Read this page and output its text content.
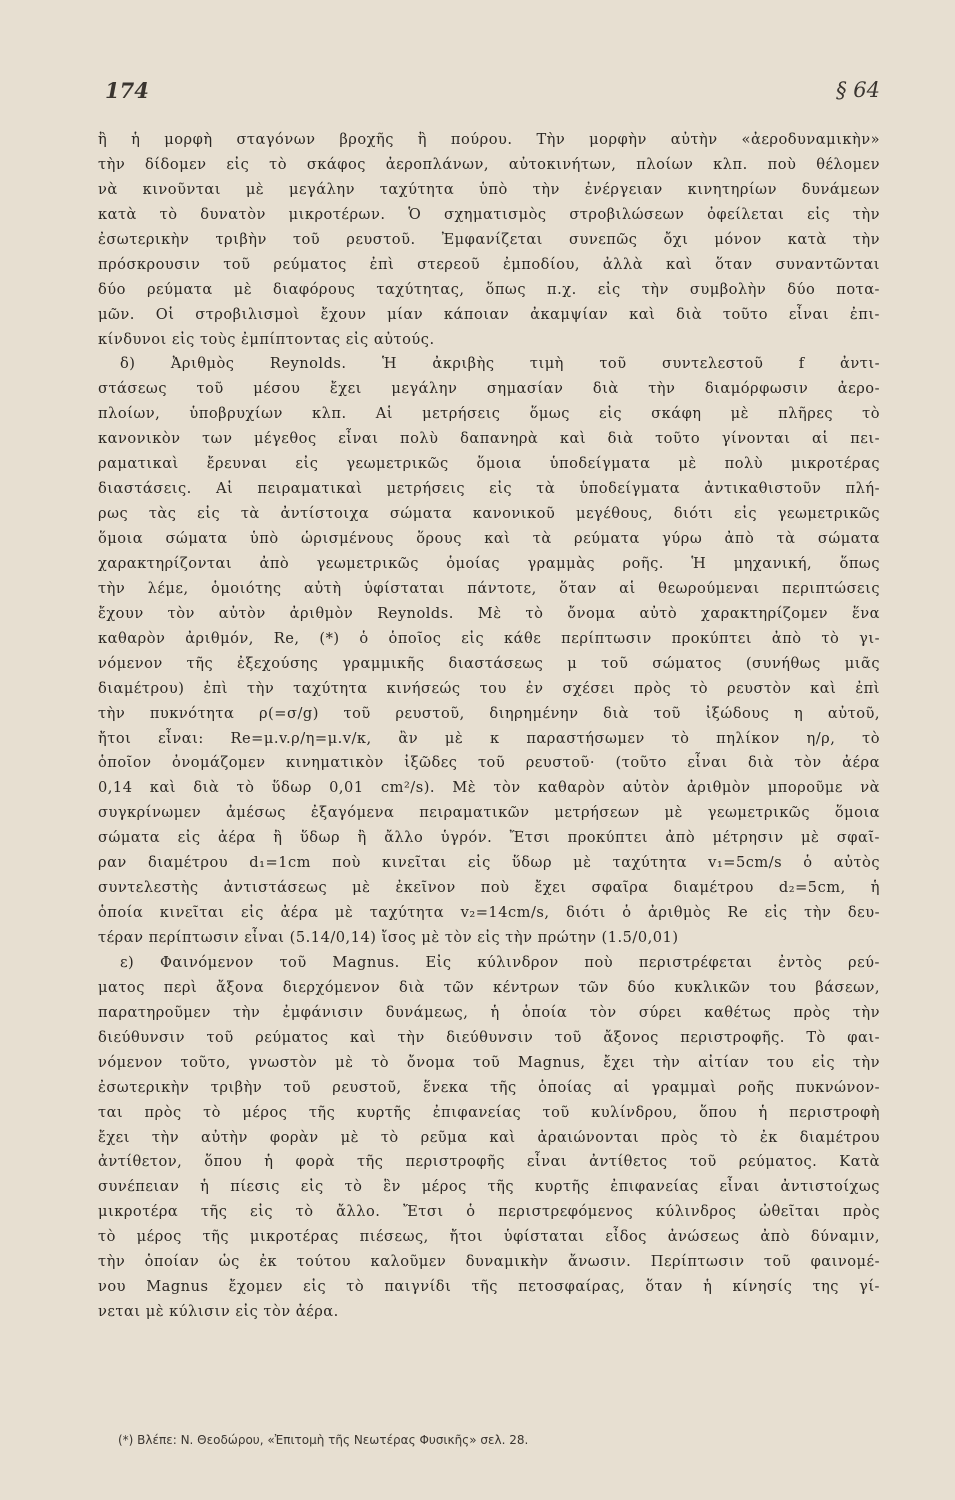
174	§ 64
ἢ ἡ μορφὴ σταγόνων βροχῆς ἢ πούρου. Τὴν μορφὴν αὐτὴν «ἀεροδυναμικὴν»
τὴν δίδομεν εἰς τὸ σκάφος ἀεροπλάνων, αὐτοκινήτων, πλοίων κλπ. ποὺ θέλομεν
νὰ κινοῦνται μὲ μεγάλην ταχύτητα ὑπὸ τὴν ἐνέργειαν κινητηρίων δυνάμεων
κατὰ τὸ δυνατὸν μικροτέρων. Ὁ σχηματισμὸς στροβιλώσεων ὀφείλεται εἰς τὴν
ἐσωτερικὴν τριβὴν τοῦ ρευστοῦ. Ἐμφανίζεται συνεπῶς ὄχι μόνον κατὰ τὴν
πρόσκρουσιν τοῦ ρεύματος ἐπὶ στερεοῦ ἐμποδίου, ἀλλὰ καὶ ὅταν συναντῶνται
δύο ρεύματα μὲ διαφόρους ταχύτητας, ὅπως π.χ. εἰς τὴν συμβολὴν δύο ποτα-
μῶν. Οἱ στροβιλισμοὶ ἔχουν μίαν κάποιαν ἀκαμψίαν καὶ διὰ τοῦτο εἶναι ἐπι-
κίνδυνοι εἰς τοὺς ἐμπίπτοντας εἰς αὐτούς.
δ) Ἀριθμὸς Reynolds. Ἡ ἀκριβὴς τιμὴ τοῦ συντελεστοῦ f ἀντι-
στάσεως τοῦ μέσου ἔχει μεγάλην σημασίαν διὰ τὴν διαμόρφωσιν ἀερο-
πλοίων, ὑποβρυχίων κλπ. Αἱ μετρήσεις ὅμως εἰς σκάφη μὲ πλῆρες τὸ
κανονικὸν των μέγεθος εἶναι πολὺ δαπανηρὰ καὶ διὰ τοῦτο γίνονται αἱ πει-
ραματικαὶ ἔρευναι εἰς γεωμετρικῶς ὅμοια ὑποδείγματα μὲ πολὺ μικροτέρας
διαστάσεις. Αἱ πειραματικαὶ μετρήσεις εἰς τὰ ὑποδείγματα ἀντικαθιστοῦν πλή-
ρως τὰς εἰς τὰ ἀντίστοιχα σώματα κανονικοῦ μεγέθους, διότι εἰς γεωμετρικῶς
ὅμοια σώματα ὑπὸ ὡρισμένους ὅρους καὶ τὰ ρεύματα γύρω ἀπὸ τὰ σώματα
χαρακτηρίζονται ἀπὸ γεωμετρικῶς ὁμοίας γραμμὰς ροῆς. Ἡ μηχανική, ὅπως
τὴν λέμε, ὁμοιότης αὐτὴ ὑφίσταται πάντοτε, ὅταν αἱ θεωρούμεναι περιπτώσεις
ἔχουν τὸν αὐτὸν ἀριθμὸν Reynolds. Μὲ τὸ ὄνομα αὐτὸ χαρακτηρίζομεν ἕνα
καθαρὸν ἀριθμόν, Re, (*) ὁ ὁποῖος εἰς κάθε περίπτωσιν προκύπτει ἀπὸ τὸ γι-
νόμενον τῆς ἐξεχούσης γραμμικῆς διαστάσεως μ τοῦ σώματος (συνήθως μιᾶς
διαμέτρου) ἐπὶ τὴν ταχύτητα κινήσεώς του ἐν σχέσει πρὸς τὸ ρευστὸν καὶ ἐπὶ
τὴν πυκνότητα ρ(=σ/g) τοῦ ρευστοῦ, διηρημένην διὰ τοῦ ἰξώδους η αὐτοῦ,
ἤτοι εἶναι: Re=μ.v.ρ/η=μ.v/κ, ἂν μὲ κ παραστήσωμεν τὸ πηλίκον η/ρ, τὸ
ὁποῖον ὀνομάζομεν κινηματικὸν ἰξῶδες τοῦ ρευστοῦ· (τοῦτο εἶναι διὰ τὸν ἀέρα
0,14 καὶ διὰ τὸ ὕδωρ 0,01 cm²/s). Μὲ τὸν καθαρὸν αὐτὸν ἀριθμὸν μποροῦμε νὰ
συγκρίνωμεν ἀμέσως ἐξαγόμενα πειραματικῶν μετρήσεων μὲ γεωμετρικῶς ὅμοια
σώματα εἰς ἀέρα ἢ ὕδωρ ἢ ἄλλο ὑγρόν. Ἔτσι προκύπτει ἀπὸ μέτρησιν μὲ σφαῖ-
ραν διαμέτρου d₁=1cm ποὺ κινεῖται εἰς ὕδωρ μὲ ταχύτητα v₁=5cm/s ὁ αὐτὸς
συντελεστὴς ἀντιστάσεως μὲ ἐκεῖνον ποὺ ἔχει σφαῖρα διαμέτρου d₂=5cm, ἡ
ὁποία κινεῖται εἰς ἀέρα μὲ ταχύτητα v₂=14cm/s, διότι ὁ ἀριθμὸς Re εἰς τὴν δευ-
τέραν περίπτωσιν εἶναι (5.14/0,14) ἴσος μὲ τὸν εἰς τὴν πρώτην (1.5/0,01)
ε) Φαινόμενον τοῦ Magnus. Εἰς κύλινδρον ποὺ περιστρέφεται ἐντὸς ρεύ-
ματος περὶ ἄξονα διερχόμενον διὰ τῶν κέντρων τῶν δύο κυκλικῶν του βάσεων,
παρατηροῦμεν τὴν ἐμφάνισιν δυνάμεως, ἡ ὁποία τὸν σύρει καθέτως πρὸς τὴν
διεύθυνσιν τοῦ ρεύματος καὶ τὴν διεύθυνσιν τοῦ ἄξονος περιστροφῆς. Τὸ φαι-
νόμενον τοῦτο, γνωστὸν μὲ τὸ ὄνομα τοῦ Magnus, ἔχει τὴν αἰτίαν του εἰς τὴν
ἐσωτερικὴν τριβὴν τοῦ ρευστοῦ, ἕνεκα τῆς ὁποίας αἱ γραμμαὶ ροῆς πυκνώνον-
ται πρὸς τὸ μέρος τῆς κυρτῆς ἐπιφανείας τοῦ κυλίνδρου, ὅπου ἡ περιστροφὴ
ἔχει τὴν αὐτὴν φορὰν μὲ τὸ ρεῦμα καὶ ἀραιώνονται πρὸς τὸ ἐκ διαμέτρου
ἀντίθετον, ὅπου ἡ φορὰ τῆς περιστροφῆς εἶναι ἀντίθετος τοῦ ρεύματος. Κατὰ
συνέπειαν ἡ πίεσις εἰς τὸ ἓν μέρος τῆς κυρτῆς ἐπιφανείας εἶναι ἀντιστοίχως
μικροτέρα τῆς εἰς τὸ ἄλλο. Ἔτσι ὁ περιστρεφόμενος κύλινδρος ὠθεῖται πρὸς
τὸ μέρος τῆς μικροτέρας πιέσεως, ἤτοι ὑφίσταται εἶδος ἀνώσεως ἀπὸ δύναμιν,
τὴν ὁποίαν ὡς ἐκ τούτου καλοῦμεν δυναμικὴν ἄνωσιν. Περίπτωσιν τοῦ φαινομέ-
νου Magnus ἔχομεν εἰς τὸ παιγνίδι τῆς πετοσφαίρας, ὅταν ἡ κίνησίς της γί-
νεται μὲ κύλισιν εἰς τὸν ἀέρα.
(*) Βλέπε: Ν. Θεοδώρου, «Ἐπιτομὴ τῆς Νεωτέρας Φυσικῆς» σελ. 28.
